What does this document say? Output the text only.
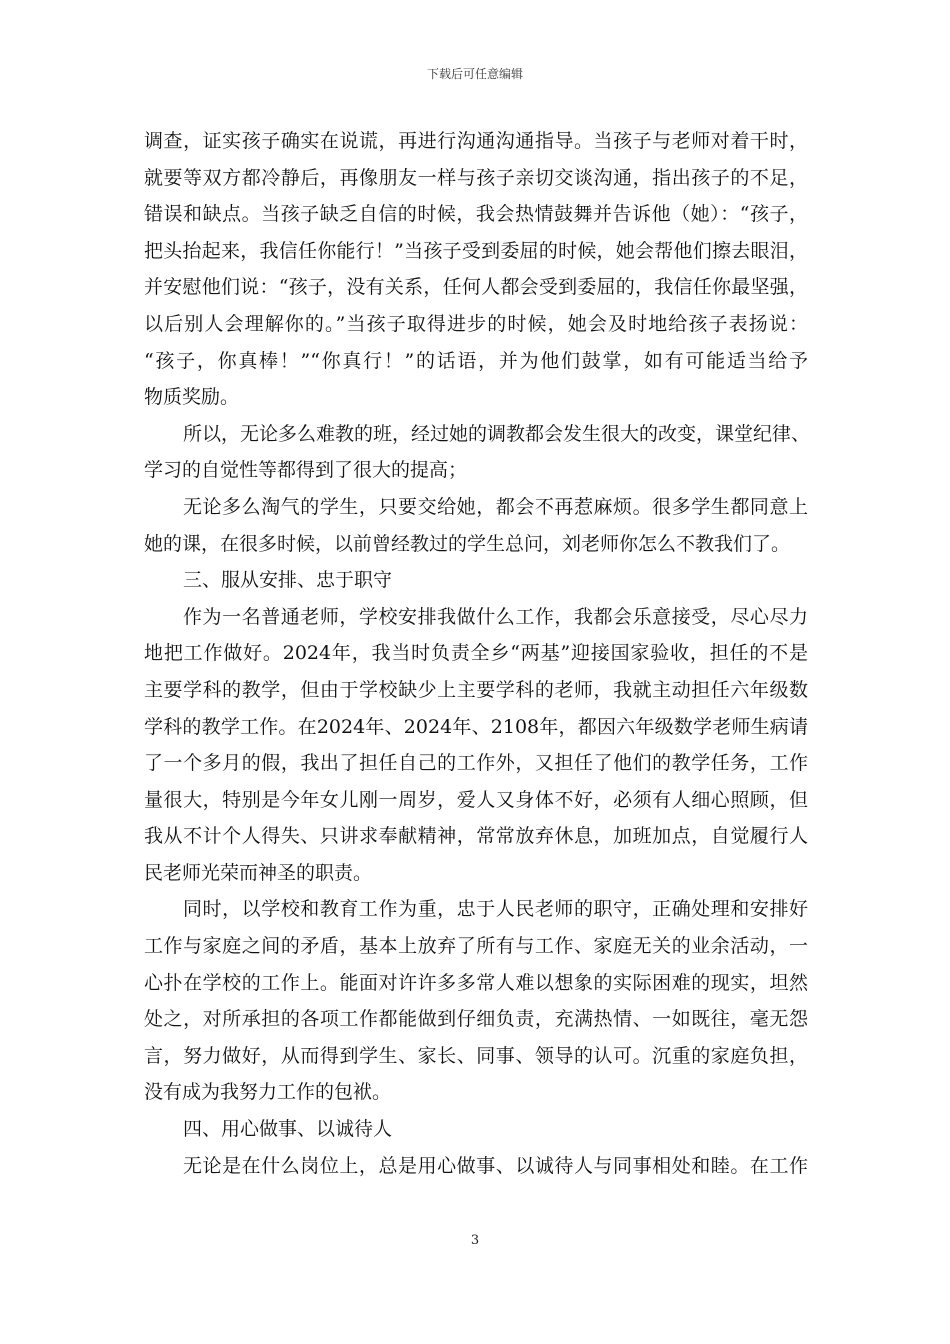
下载后可任意编辑
调查，证实孩子确实在说谎，再进行沟通沟通指导。当孩子与老师对着干时，
就要等双方都冷静后，再像朋友一样与孩子亲切交谈沟通，指出孩子的不足，
错误和缺点。当孩子缺乏自信的时候，我会热情鼓舞并告诉他（她）：“孩子，
把头抬起来，我信任你能行！”当孩子受到委屈的时候，她会帮他们擦去眼泪，
并安慰他们说：“孩子，没有关系，任何人都会受到委屈的，我信任你最坚强，
以后别人会理解你的。”当孩子取得进步的时候，她会及时地给孩子表扬说：
“孩子，你真棒！”“你真行！”的话语，并为他们鼓掌，如有可能适当给予
物质奖励。
所以，无论多么难教的班，经过她的调教都会发生很大的改变，课堂纪律、
学习的自觉性等都得到了很大的提高；
无论多么淘气的学生，只要交给她，都会不再惹麻烦。很多学生都同意上
她的课，在很多时候，以前曾经教过的学生总问，刘老师你怎么不教我们了。
三、服从安排、忠于职守
作为一名普通老师，学校安排我做什么工作，我都会乐意接受，尽心尽力
地把工作做好。2024年，我当时负责全乡“两基”迎接国家验收，担任的不是
主要学科的教学，但由于学校缺少上主要学科的老师，我就主动担任六年级数
学科的教学工作。在2024年、2024年、2108年，都因六年级数学老师生病请
了一个多月的假，我出了担任自己的工作外，又担任了他们的教学任务，工作
量很大，特别是今年女儿刚一周岁，爱人又身体不好，必须有人细心照顾，但
我从不计个人得失、只讲求奉献精神，常常放弃休息，加班加点，自觉履行人
民老师光荣而神圣的职责。
同时，以学校和教育工作为重，忠于人民老师的职守，正确处理和安排好
工作与家庭之间的矛盾，基本上放弃了所有与工作、家庭无关的业余活动，一
心扑在学校的工作上。能面对许许多多常人难以想象的实际困难的现实，坦然
处之，对所承担的各项工作都能做到仔细负责，充满热情、一如既往，毫无怨
言，努力做好，从而得到学生、家长、同事、领导的认可。沉重的家庭负担，
没有成为我努力工作的包袱。
四、用心做事、以诚待人
无论是在什么岗位上，总是用心做事、以诚待人与同事相处和睦。在工作
3
